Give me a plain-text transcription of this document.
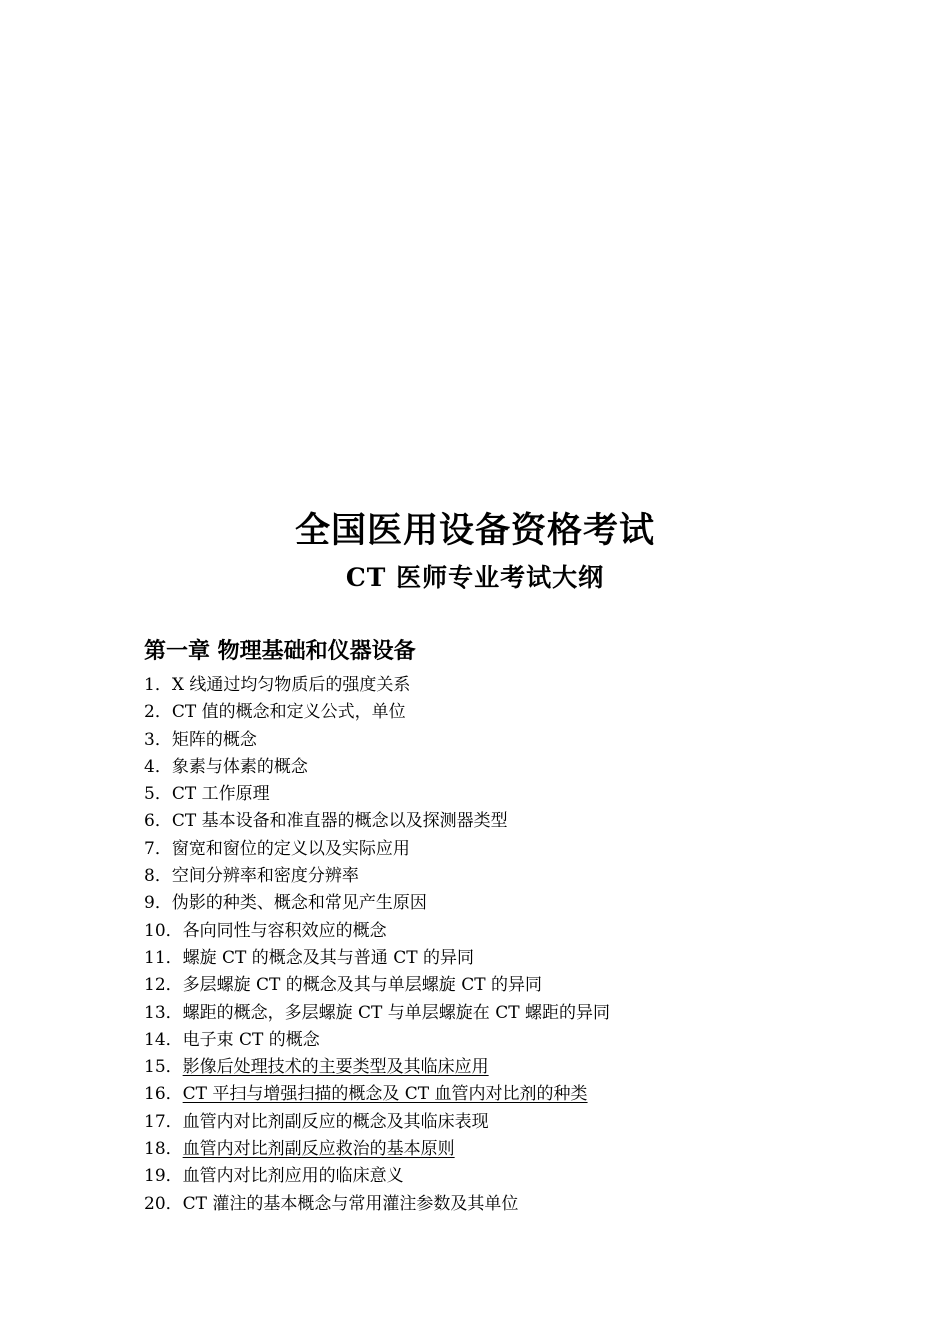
全国医用设备资格考试
CT 医师专业考试大纲
第一章 物理基础和仪器设备
1．X 线通过均匀物质后的强度关系
2．CT 值的概念和定义公式，单位
3．矩阵的概念
4．象素与体素的概念
5．CT 工作原理
6．CT 基本设备和准直器的概念以及探测器类型
7．窗宽和窗位的定义以及实际应用
8．空间分辨率和密度分辨率
9．伪影的种类、概念和常见产生原因
10．各向同性与容积效应的概念
11．螺旋 CT 的概念及其与普通 CT 的异同
12．多层螺旋 CT 的概念及其与单层螺旋 CT 的异同
13．螺距的概念，多层螺旋 CT 与单层螺旋在 CT 螺距的异同
14．电子束 CT 的概念
15．影像后处理技术的主要类型及其临床应用
16．CT 平扫与增强扫描的概念及 CT 血管内对比剂的种类
17．血管内对比剂副反应的概念及其临床表现
18．血管内对比剂副反应救治的基本原则
19．血管内对比剂应用的临床意义
20．CT 灌注的基本概念与常用灌注参数及其单位
